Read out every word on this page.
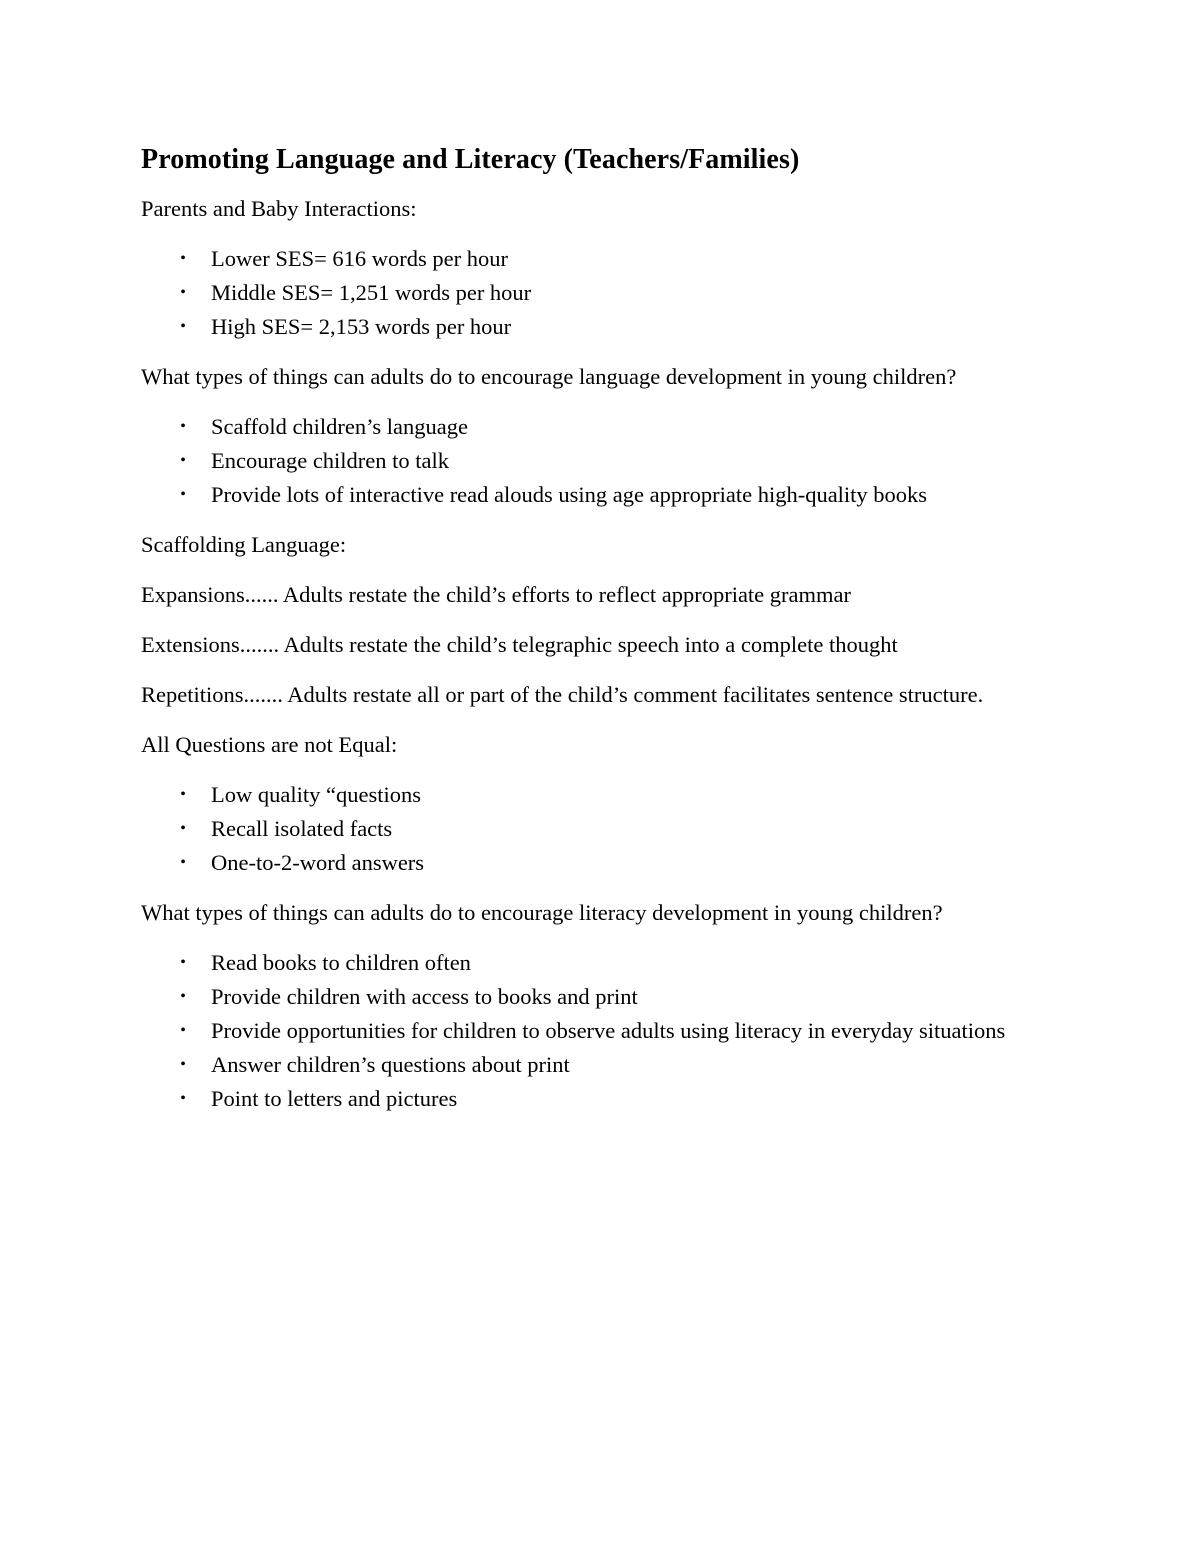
Promoting Language and Literacy (Teachers/Families)

Parents and Baby Interactions:

• Lower SES= 616 words per hour
• Middle SES= 1,251 words per hour
• High SES= 2,153 words per hour

What types of things can adults do to encourage language development in young children?

• Scaffold children’s language
• Encourage children to talk
• Provide lots of interactive read alouds using age appropriate high-quality books

Scaffolding Language:

Expansions...... Adults restate the child’s efforts to reflect appropriate grammar

Extensions....... Adults restate the child’s telegraphic speech into a complete thought

Repetitions....... Adults restate all or part of the child’s comment facilitates sentence structure.

All Questions are not Equal:

• Low quality “questions
• Recall isolated facts
• One-to-2-word answers

What types of things can adults do to encourage literacy development in young children?

• Read books to children often
• Provide children with access to books and print
• Provide opportunities for children to observe adults using literacy in everyday situations
• Answer children’s questions about print
• Point to letters and pictures
